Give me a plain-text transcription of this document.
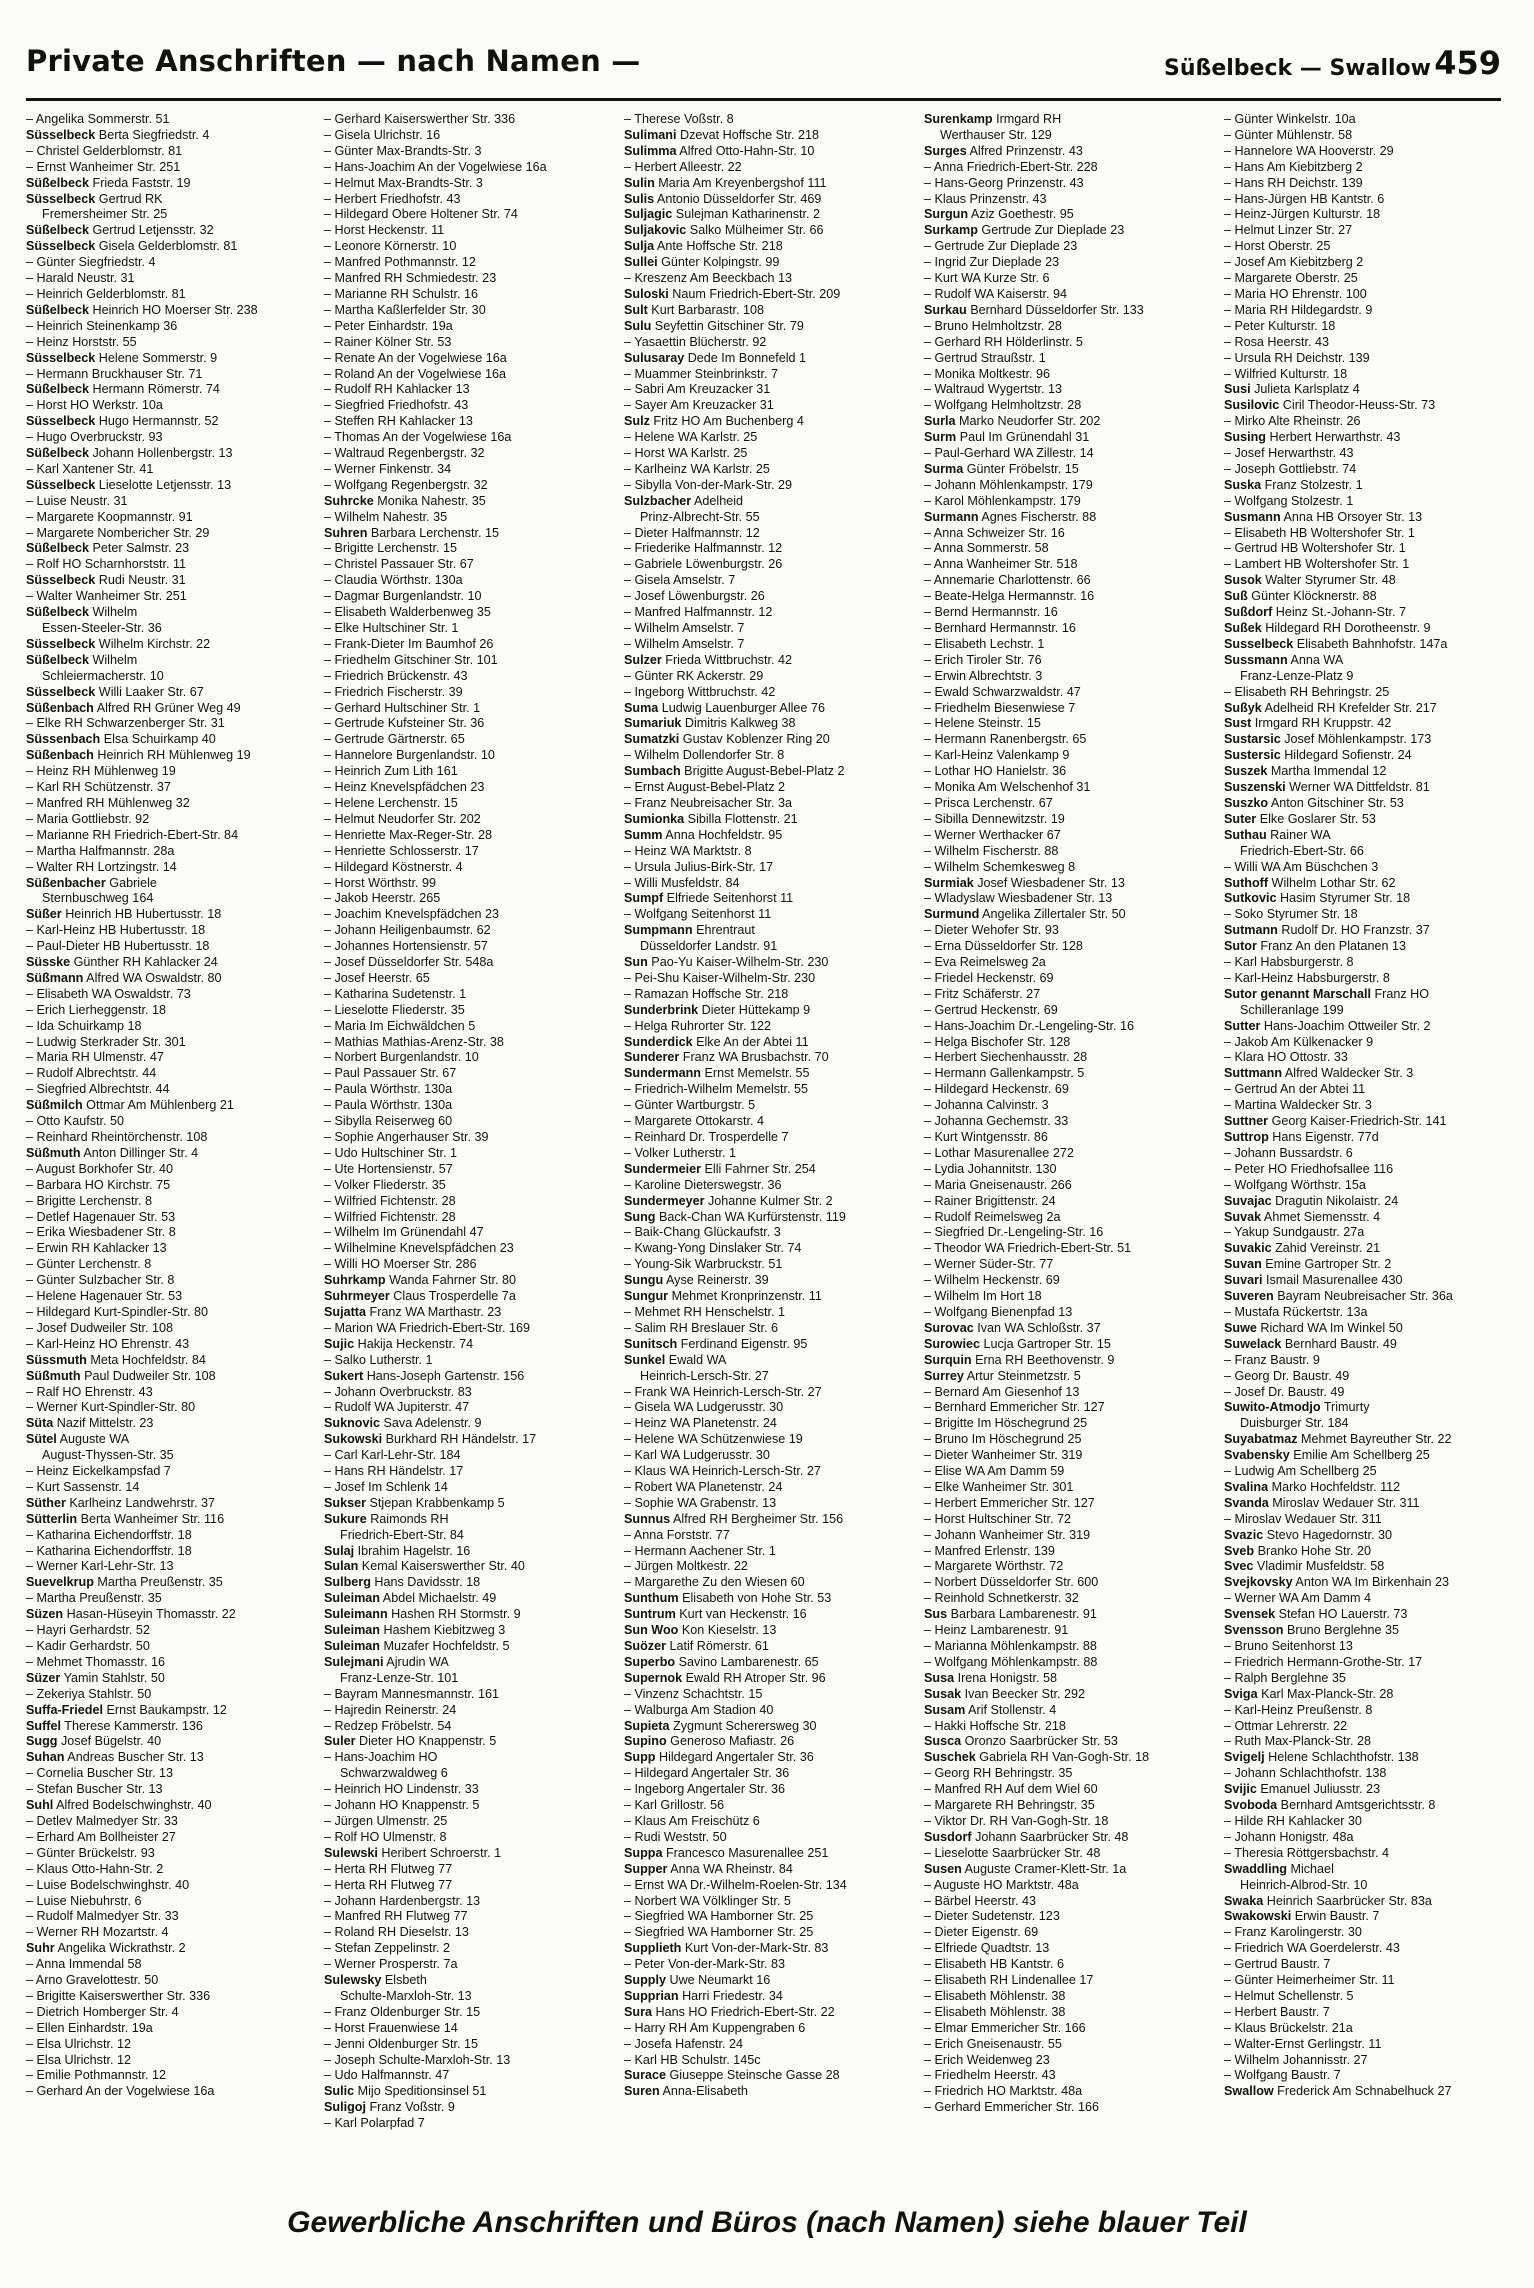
Private Anschriften — nach Namen —	Süßelbeck — Swallow 459
– Angelika Sommerstr. 51
Süsselbeck Berta Siegfriedstr. 4
– Christel Gelderblomstr. 81
– Ernst Wanheimer Str. 251
Süßelbeck Frieda Faststr. 19
Süsselbeck Gertrud RK
Fremersheimer Str. 25
Süßelbeck Gertrud Letjensstr. 32
Süsselbeck Gisela Gelderblomstr. 81
– Günter Siegfriedstr. 4
– Harald Neustr. 31
– Heinrich Gelderblomstr. 81
Süßelbeck Heinrich HO Moerser Str. 238
– Heinrich Steinenkamp 36
– Heinz Horststr. 55
Süsselbeck Helene Sommerstr. 9
– Hermann Bruckhauser Str. 71
Süßelbeck Hermann Römerstr. 74
– Horst HO Werkstr. 10a
Süsselbeck Hugo Hermannstr. 52
– Hugo Overbruckstr. 93
Süßelbeck Johann Hollenbergstr. 13
– Karl Xantener Str. 41
Süsselbeck Lieselotte Letjensstr. 13
– Luise Neustr. 31
– Margarete Koopmannstr. 91
– Margarete Nombericher Str. 29
Süßelbeck Peter Salmstr. 23
– Rolf HO Scharnhorststr. 11
Süsselbeck Rudi Neustr. 31
– Walter Wanheimer Str. 251
Süßelbeck Wilhelm
Essen-Steeler-Str. 36
Süsselbeck Wilhelm Kirchstr. 22
Süßelbeck Wilhelm
Schleiermacherstr. 10
Süsselbeck Willi Laaker Str. 67
Süßenbach Alfred RH Grüner Weg 49
– Elke RH Schwarzenberger Str. 31
Süssenbach Elsa Schuirkamp 40
Süßenbach Heinrich RH Mühlenweg 19
– Heinz RH Mühlenweg 19
– Karl RH Schützenstr. 37
– Manfred RH Mühlenweg 32
– Maria Gottliebstr. 92
– Marianne RH Friedrich-Ebert-Str. 84
– Martha Halfmannstr. 28a
– Walter RH Lortzingstr. 14
Süßenbacher Gabriele
Sternbuschweg 164
Süßer Heinrich HB Hubertusstr. 18
– Karl-Heinz HB Hubertusstr. 18
– Paul-Dieter HB Hubertusstr. 18
Süsske Günther RH Kahlacker 24
Süßmann Alfred WA Oswaldstr. 80
– Elisabeth WA Oswaldstr. 73
– Erich Lierheggenstr. 18
– Ida Schuirkamp 18
– Ludwig Sterkrader Str. 301
– Maria RH Ulmenstr. 47
– Rudolf Albrechtstr. 44
– Siegfried Albrechtstr. 44
Süßmilch Ottmar Am Mühlenberg 21
– Otto Kaufstr. 50
– Reinhard Rheintörchenstr. 108
Süßmuth Anton Dillinger Str. 4
– August Borkhofer Str. 40
– Barbara HO Kirchstr. 75
– Brigitte Lerchenstr. 8
– Detlef Hagenauer Str. 53
– Erika Wiesbadener Str. 8
– Erwin RH Kahlacker 13
– Günter Lerchenstr. 8
– Günter Sulzbacher Str. 8
– Helene Hagenauer Str. 53
– Hildegard Kurt-Spindler-Str. 80
– Josef Dudweiler Str. 108
– Karl-Heinz HO Ehrenstr. 43
Süssmuth Meta Hochfeldstr. 84
Süßmuth Paul Dudweiler Str. 108
– Ralf HO Ehrenstr. 43
– Werner Kurt-Spindler-Str. 80
Süta Nazif Mittelstr. 23
Sütel Auguste WA
August-Thyssen-Str. 35
– Heinz Eickelkampsfad 7
– Kurt Sassenstr. 14
Süther Karlheinz Landwehrstr. 37
Sütterlin Berta Wanheimer Str. 116
– Katharina Eichendorffstr. 18
– Katharina Eichendorffstr. 18
– Werner Karl-Lehr-Str. 13
Suevelkrup Martha Preußenstr. 35
– Martha Preußenstr. 35
Süzen Hasan-Hüseyin Thomasstr. 22
– Hayri Gerhardstr. 52
– Kadir Gerhardstr. 50
– Mehmet Thomasstr. 16
Süzer Yamin Stahlstr. 50
– Zekeriya Stahlstr. 50
Suffa-Friedel Ernst Baukampstr. 12
Suffel Therese Kammerstr. 136
Sugg Josef Bügelstr. 40
Suhan Andreas Buscher Str. 13
– Cornelia Buscher Str. 13
– Stefan Buscher Str. 13
Suhl Alfred Bodelschwinghstr. 40
– Detlev Malmedyer Str. 33
– Erhard Am Bollheister 27
– Günter Brückelstr. 93
– Klaus Otto-Hahn-Str. 2
– Luise Bodelschwinghstr. 40
– Luise Niebuhrstr. 6
– Rudolf Malmedyer Str. 33
– Werner RH Mozartstr. 4
Suhr Angelika Wickrathstr. 2
– Anna Immendal 58
– Arno Gravelottestr. 50
– Brigitte Kaiserswerther Str. 336
– Dietrich Homberger Str. 4
– Ellen Einhardstr. 19a
– Elsa Ulrichstr. 12
– Elsa Ulrichstr. 12
– Emilie Pothmannstr. 12
– Gerhard An der Vogelwiese 16a
– Gerhard Kaiserswerther Str. 336
– Gisela Ulrichstr. 16
– Günter Max-Brandts-Str. 3
– Hans-Joachim An der Vogelwiese 16a
– Helmut Max-Brandts-Str. 3
– Herbert Friedhofstr. 43
– Hildegard Obere Holtener Str. 74
– Horst Heckenstr. 11
– Leonore Körnerstr. 10
– Manfred Pothmannstr. 12
– Manfred RH Schmiedestr. 23
– Marianne RH Schulstr. 16
– Martha Kaßlerfelder Str. 30
– Peter Einhardstr. 19a
– Rainer Kölner Str. 53
– Renate An der Vogelwiese 16a
– Roland An der Vogelwiese 16a
– Rudolf RH Kahlacker 13
– Siegfried Friedhofstr. 43
– Steffen RH Kahlacker 13
– Thomas An der Vogelwiese 16a
– Waltraud Regenbergstr. 32
– Werner Finkenstr. 34
– Wolfgang Regenbergstr. 32
Suhrcke Monika Nahestr. 35
– Wilhelm Nahestr. 35
Suhren Barbara Lerchenstr. 15
– Brigitte Lerchenstr. 15
– Christel Passauer Str. 67
– Claudia Wörthstr. 130a
– Dagmar Burgenlandstr. 10
– Elisabeth Walderbenweg 35
– Elke Hultschiner Str. 1
– Frank-Dieter Im Baumhof 26
– Friedhelm Gitschiner Str. 101
– Friedrich Brückenstr. 43
– Friedrich Fischerstr. 39
– Gerhard Hultschiner Str. 1
– Gertrude Kufsteiner Str. 36
– Gertrude Gärtnerstr. 65
– Hannelore Burgenlandstr. 10
– Heinrich Zum Lith 161
– Heinz Knevelspfädchen 23
– Helene Lerchenstr. 15
– Helmut Neudorfer Str. 202
– Henriette Max-Reger-Str. 28
– Henriette Schlosserstr. 17
– Hildegard Köstnerstr. 4
– Horst Wörthstr. 99
– Jakob Heerstr. 265
– Joachim Knevelspfädchen 23
– Johann Heiligenbaumstr. 62
– Johannes Hortensienstr. 57
– Josef Düsseldorfer Str. 548a
– Josef Heerstr. 65
– Katharina Sudetenstr. 1
– Lieselotte Fliederstr. 35
– Maria Im Eichwäldchen 5
– Mathias Mathias-Arenz-Str. 38
– Norbert Burgenlandstr. 10
– Paul Passauer Str. 67
– Paula Wörthstr. 130a
– Paula Wörthstr. 130a
– Sibylla Reiserweg 60
– Sophie Angerhauser Str. 39
– Udo Hultschiner Str. 1
– Ute Hortensienstr. 57
– Volker Fliederstr. 35
– Wilfried Fichtenstr. 28
– Wilfried Fichtenstr. 28
– Wilhelm Im Grünendahl 47
– Wilhelmine Knevelspfädchen 23
– Willi HO Moerser Str. 286
Suhrkamp Wanda Fahrner Str. 80
Suhrmeyer Claus Trosperdelle 7a
Sujatta Franz WA Marthastr. 23
– Marion WA Friedrich-Ebert-Str. 169
Sujic Hakija Heckenstr. 74
– Salko Lutherstr. 1
Sukert Hans-Joseph Gartenstr. 156
– Johann Overbruckstr. 83
– Rudolf WA Jupiterstr. 47
Suknovic Sava Adelenstr. 9
Sukowski Burkhard RH Händelstr. 17
– Carl Karl-Lehr-Str. 184
– Hans RH Händelstr. 17
– Josef Im Schlenk 14
Sukser Stjepan Krabbenkamp 5
Sukure Raimonds RH
Friedrich-Ebert-Str. 84
Sulaj Ibrahim Hagelstr. 16
Sulan Kemal Kaiserswerther Str. 40
Sulberg Hans Davidsstr. 18
Suleiman Abdel Michaelstr. 49
Suleimann Hashen RH Stormstr. 9
Suleiman Hashem Kiebitzweg 3
Suleiman Muzafer Hochfeldstr. 5
Sulejmani Ajrudin WA
Franz-Lenze-Str. 101
– Bayram Mannesmannstr. 161
– Hajredin Reinerstr. 24
– Redzep Fröbelstr. 54
Suler Dieter HO Knappenstr. 5
– Hans-Joachim HO
Schwarzwaldweg 6
– Heinrich HO Lindenstr. 33
– Johann HO Knappenstr. 5
– Jürgen Ulmenstr. 25
– Rolf HO Ulmenstr. 8
Sulewski Heribert Schroerstr. 1
– Herta RH Flutweg 77
– Herta RH Flutweg 77
– Johann Hardenbergstr. 13
– Manfred RH Flutweg 77
– Roland RH Dieselstr. 13
– Stefan Zeppelinstr. 2
– Werner Prosperstr. 7a
Sulewsky Elsbeth
Schulte-Marxloh-Str. 13
– Franz Oldenburger Str. 15
– Horst Frauenwiese 14
– Jenni Oldenburger Str. 15
– Joseph Schulte-Marxloh-Str. 13
– Udo Halfmannstr. 47
Sulic Mijo Speditionsinsel 51
Suligoj Franz Voßstr. 9
– Karl Polarpfad 7
– Therese Voßstr. 8
Sulimani Dzevat Hoffsche Str. 218
Sulimma Alfred Otto-Hahn-Str. 10
– Herbert Alleestr. 22
Sulin Maria Am Kreyenbergshof 111
Sulis Antonio Düsseldorfer Str. 469
Suljagic Sulejman Katharinenstr. 2
Suljakovic Salko Mülheimer Str. 66
Sulja Ante Hoffsche Str. 218
Sullei Günter Kolpingstr. 99
– Kreszenz Am Beeckbach 13
Suloski Naum Friedrich-Ebert-Str. 209
Sult Kurt Barbarastr. 108
Sulu Seyfettin Gitschiner Str. 79
– Yasaettin Blücherstr. 92
Sulusaray Dede Im Bonnefeld 1
– Muammer Steinbrinkstr. 7
– Sabri Am Kreuzacker 31
– Sayer Am Kreuzacker 31
Sulz Fritz HO Am Buchenberg 4
– Helene WA Karlstr. 25
– Horst WA Karlstr. 25
– Karlheinz WA Karlstr. 25
– Sibylla Von-der-Mark-Str. 29
Sulzbacher Adelheid
Prinz-Albrecht-Str. 55
– Dieter Halfmannstr. 12
– Friederike Halfmannstr. 12
– Gabriele Löwenburgstr. 26
– Gisela Amselstr. 7
– Josef Löwenburgstr. 26
– Manfred Halfmannstr. 12
– Wilhelm Amselstr. 7
– Wilhelm Amselstr. 7
Sulzer Frieda Wittbruchstr. 42
– Günter RK Ackerstr. 29
– Ingeborg Wittbruchstr. 42
Suma Ludwig Lauenburger Allee 76
Sumariuk Dimitris Kalkweg 38
Sumatzki Gustav Koblenzer Ring 20
– Wilhelm Dollendorfer Str. 8
Sumbach Brigitte August-Bebel-Platz 2
– Ernst August-Bebel-Platz 2
– Franz Neubreisacher Str. 3a
Sumionka Sibilla Flottenstr. 21
Summ Anna Hochfeldstr. 95
– Heinz WA Marktstr. 8
– Ursula Julius-Birk-Str. 17
– Willi Musfeldstr. 84
Sumpf Elfriede Seitenhorst 11
– Wolfgang Seitenhorst 11
Sumpmann Ehrentraut
Düsseldorfer Landstr. 91
Sun Pao-Yu Kaiser-Wilhelm-Str. 230
– Pei-Shu Kaiser-Wilhelm-Str. 230
– Ramazan Hoffsche Str. 218
Sunderbrink Dieter Hüttekamp 9
– Helga Ruhrorter Str. 122
Sunderdick Elke An der Abtei 11
Sunderer Franz WA Brusbachstr. 70
Sundermann Ernst Memelstr. 55
– Friedrich-Wilhelm Memelstr. 55
– Günter Wartburgstr. 5
– Margarete Ottokarstr. 4
– Reinhard Dr. Trosperdelle 7
– Volker Lutherstr. 1
Sundermeier Elli Fahrner Str. 254
– Karoline Dieterswegstr. 36
Sundermeyer Johanne Kulmer Str. 2
Sung Back-Chan WA Kurfürstenstr. 119
– Baik-Chang Glückaufstr. 3
– Kwang-Yong Dinslaker Str. 74
– Young-Sik Warbruckstr. 51
Sungu Ayse Reinerstr. 39
Sungur Mehmet Kronprinzenstr. 11
– Mehmet RH Henschelstr. 1
– Salim RH Breslauer Str. 6
Sunitsch Ferdinand Eigenstr. 95
Sunkel Ewald WA
Heinrich-Lersch-Str. 27
– Frank WA Heinrich-Lersch-Str. 27
– Gisela WA Ludgerusstr. 30
– Heinz WA Planetenstr. 24
– Helene WA Schützenwiese 19
– Karl WA Ludgerusstr. 30
– Klaus WA Heinrich-Lersch-Str. 27
– Robert WA Planetenstr. 24
– Sophie WA Grabenstr. 13
Sunnus Alfred RH Bergheimer Str. 156
– Anna Forststr. 77
– Hermann Aachener Str. 1
– Jürgen Moltkestr. 22
– Margarethe Zu den Wiesen 60
Sunthum Elisabeth von Hohe Str. 53
Suntrum Kurt van Heckenstr. 16
Sun Woo Kon Kieselstr. 13
Suözer Latif Römerstr. 61
Superbo Savino Lambarenestr. 65
Supernok Ewald RH Atroper Str. 96
– Vinzenz Schachtstr. 15
– Walburga Am Stadion 40
Supieta Zygmunt Scherersweg 30
Supino Generoso Mafiastr. 26
Supp Hildegard Angertaler Str. 36
– Hildegard Angertaler Str. 36
– Ingeborg Angertaler Str. 36
– Karl Grillostr. 56
– Klaus Am Freischütz 6
– Rudi Weststr. 50
Suppa Francesco Masurenallee 251
Supper Anna WA Rheinstr. 84
– Ernst WA Dr.-Wilhelm-Roelen-Str. 134
– Norbert WA Völklinger Str. 5
– Siegfried WA Hamborner Str. 25
– Siegfried WA Hamborner Str. 25
Supplieth Kurt Von-der-Mark-Str. 83
– Peter Von-der-Mark-Str. 83
Supply Uwe Neumarkt 16
Supprian Harri Friedestr. 34
Sura Hans HO Friedrich-Ebert-Str. 22
– Harry RH Am Kuppengraben 6
– Josefa Hafenstr. 24
– Karl HB Schulstr. 145c
Surace Giuseppe Steinsche Gasse 28
Suren Anna-Elisabeth
Surenkamp Irmgard RH
Werthauser Str. 129
Surges Alfred Prinzenstr. 43
– Anna Friedrich-Ebert-Str. 228
– Hans-Georg Prinzenstr. 43
– Klaus Prinzenstr. 43
Surgun Aziz Goethestr. 95
Surkamp Gertrude Zur Dieplade 23
– Gertrude Zur Dieplade 23
– Ingrid Zur Dieplade 23
– Kurt WA Kurze Str. 6
– Rudolf WA Kaiserstr. 94
Surkau Bernhard Düsseldorfer Str. 133
– Bruno Helmholtzstr. 28
– Gerhard RH Hölderlinstr. 5
– Gertrud Straußstr. 1
– Monika Moltkestr. 96
– Waltraud Wygertstr. 13
– Wolfgang Helmholtzstr. 28
Surla Marko Neudorfer Str. 202
Surm Paul Im Grünendahl 31
– Paul-Gerhard WA Zillestr. 14
Surma Günter Fröbelstr. 15
– Johann Möhlenkampstr. 179
– Karol Möhlenkampstr. 179
Surmann Agnes Fischerstr. 88
– Anna Schweizer Str. 16
– Anna Sommerstr. 58
– Anna Wanheimer Str. 518
– Annemarie Charlottenstr. 66
– Beate-Helga Hermannstr. 16
– Bernd Hermannstr. 16
– Bernhard Hermannstr. 16
– Elisabeth Lechstr. 1
– Erich Tiroler Str. 76
– Erwin Albrechtstr. 3
– Ewald Schwarzwaldstr. 47
– Friedhelm Biesenwiese 7
– Helene Steinstr. 15
– Hermann Ranenbergstr. 65
– Karl-Heinz Valenkamp 9
– Lothar HO Hanielstr. 36
– Monika Am Welschenhof 31
– Prisca Lerchenstr. 67
– Sibilla Dennewitzstr. 19
– Werner Werthacker 67
– Wilhelm Fischerstr. 88
– Wilhelm Schemkesweg 8
Surmiak Josef Wiesbadener Str. 13
– Wladyslaw Wiesbadener Str. 13
Surmund Angelika Zillertaler Str. 50
– Dieter Wehofer Str. 93
– Erna Düsseldorfer Str. 128
– Eva Reimelsweg 2a
– Friedel Heckenstr. 69
– Fritz Schäferstr. 27
– Gertrud Heckenstr. 69
– Hans-Joachim Dr.-Lengeling-Str. 16
– Helga Bischofer Str. 128
– Herbert Siechenhausstr. 28
– Hermann Gallenkampstr. 5
– Hildegard Heckenstr. 69
– Johanna Calvinstr. 3
– Johanna Gechemstr. 33
– Kurt Wintgensstr. 86
– Lothar Masurenallee 272
– Lydia Johannitstr. 130
– Maria Gneisenaustr. 266
– Rainer Brigittenstr. 24
– Rudolf Reimelsweg 2a
– Siegfried Dr.-Lengeling-Str. 16
– Theodor WA Friedrich-Ebert-Str. 51
– Werner Süder-Str. 77
– Wilhelm Heckenstr. 69
– Wilhelm Im Hort 18
– Wolfgang Bienenpfad 13
Surovac Ivan WA Schloßstr. 37
Surowiec Lucja Gartroper Str. 15
Surquin Erna RH Beethovenstr. 9
Surrey Artur Steinmetzstr. 5
– Bernard Am Giesenhof 13
– Bernhard Emmericher Str. 127
– Brigitte Im Höschegrund 25
– Bruno Im Höschegrund 25
– Dieter Wanheimer Str. 319
– Elise WA Am Damm 59
– Elke Wanheimer Str. 301
– Herbert Emmericher Str. 127
– Horst Hultschiner Str. 72
– Johann Wanheimer Str. 319
– Manfred Erlenstr. 139
– Margarete Wörthstr. 72
– Norbert Düsseldorfer Str. 600
– Reinhold Schnetkerstr. 32
Sus Barbara Lambarenestr. 91
– Heinz Lambarenestr. 91
– Marianna Möhlenkampstr. 88
– Wolfgang Möhlenkampstr. 88
Susa Irena Honigstr. 58
Susak Ivan Beecker Str. 292
Susam Arif Stollenstr. 4
– Hakki Hoffsche Str. 218
Susca Oronzo Saarbrücker Str. 53
Suschek Gabriela RH Van-Gogh-Str. 18
– Georg RH Behringstr. 35
– Manfred RH Auf dem Wiel 60
– Margarete RH Behringstr. 35
– Viktor Dr. RH Van-Gogh-Str. 18
Susdorf Johann Saarbrücker Str. 48
– Lieselotte Saarbrücker Str. 48
Susen Auguste Cramer-Klett-Str. 1a
– Auguste HO Marktstr. 48a
– Bärbel Heerstr. 43
– Dieter Sudetenstr. 123
– Dieter Eigenstr. 69
– Elfriede Quadtstr. 13
– Elisabeth HB Kantstr. 6
– Elisabeth RH Lindenallee 17
– Elisabeth Möhlenstr. 38
– Elisabeth Möhlenstr. 38
– Elmar Emmericher Str. 166
– Erich Gneisenaustr. 55
– Erich Weidenweg 23
– Friedhelm Heerstr. 43
– Friedrich HO Marktstr. 48a
– Gerhard Emmericher Str. 166
– Günter Winkelstr. 10a
– Günter Mühlenstr. 58
– Hannelore WA Hooverstr. 29
– Hans Am Kiebitzberg 2
– Hans RH Deichstr. 139
– Hans-Jürgen HB Kantstr. 6
– Heinz-Jürgen Kulturstr. 18
– Helmut Linzer Str. 27
– Horst Oberstr. 25
– Josef Am Kiebitzberg 2
– Margarete Oberstr. 25
– Maria HO Ehrenstr. 100
– Maria RH Hildegardstr. 9
– Peter Kulturstr. 18
– Rosa Heerstr. 43
– Ursula RH Deichstr. 139
– Wilfried Kulturstr. 18
Susi Julieta Karlsplatz 4
Susilovic Ciril Theodor-Heuss-Str. 73
– Mirko Alte Rheinstr. 26
Susing Herbert Herwarthstr. 43
– Josef Herwarthstr. 43
– Joseph Gottliebstr. 74
Suska Franz Stolzestr. 1
– Wolfgang Stolzestr. 1
Susmann Anna HB Orsoyer Str. 13
– Elisabeth HB Woltershofer Str. 1
– Gertrud HB Woltershofer Str. 1
– Lambert HB Woltershofer Str. 1
Susok Walter Styrumer Str. 48
Suß Günter Klöcknerstr. 88
Sußdorf Heinz St.-Johann-Str. 7
Sußek Hildegard RH Dorotheenstr. 9
Susselbeck Elisabeth Bahnhofstr. 147a
Sussmann Anna WA
Franz-Lenze-Platz 9
– Elisabeth RH Behringstr. 25
Sußyk Adelheid RH Krefelder Str. 217
Sust Irmgard RH Kruppstr. 42
Sustarsic Josef Möhlenkampstr. 173
Sustersic Hildegard Sofienstr. 24
Suszek Martha Immendal 12
Suszenski Werner WA Dittfeldstr. 81
Suszko Anton Gitschiner Str. 53
Suter Elke Goslarer Str. 53
Suthau Rainer WA
Friedrich-Ebert-Str. 66
– Willi WA Am Büschchen 3
Suthoff Wilhelm Lothar Str. 62
Sutkovic Hasim Styrumer Str. 18
– Soko Styrumer Str. 18
Sutmann Rudolf Dr. HO Franzstr. 37
Sutor Franz An den Platanen 13
– Karl Habsburgerstr. 8
– Karl-Heinz Habsburgerstr. 8
Sutor genannt Marschall Franz HO
Schilleranlage 199
Sutter Hans-Joachim Ottweiler Str. 2
– Jakob Am Külkenacker 9
– Klara HO Ottostr. 33
Suttmann Alfred Waldecker Str. 3
– Gertrud An der Abtei 11
– Martina Waldecker Str. 3
Suttner Georg Kaiser-Friedrich-Str. 141
Suttrop Hans Eigenstr. 77d
– Johann Bussardstr. 6
– Peter HO Friedhofsallee 116
– Wolfgang Wörthstr. 15a
Suvajac Dragutin Nikolaistr. 24
Suvak Ahmet Siemensstr. 4
– Yakup Sundgaustr. 27a
Suvakic Zahid Vereinstr. 21
Suvan Emine Gartroper Str. 2
Suvari Ismail Masurenallee 430
Suveren Bayram Neubreisacher Str. 36a
– Mustafa Rückertstr. 13a
Suwe Richard WA Im Winkel 50
Suwelack Bernhard Baustr. 49
– Franz Baustr. 9
– Georg Dr. Baustr. 49
– Josef Dr. Baustr. 49
Suwito-Atmodjo Trimurty
Duisburger Str. 184
Suyabatmaz Mehmet Bayreuther Str. 22
Svabensky Emilie Am Schellberg 25
– Ludwig Am Schellberg 25
Svalina Marko Hochfeldstr. 112
Svanda Miroslav Wedauer Str. 311
– Miroslav Wedauer Str. 311
Svazic Stevo Hagedornstr. 30
Sveb Branko Hohe Str. 20
Svec Vladimir Musfeldstr. 58
Svejkovsky Anton WA Im Birkenhain 23
– Werner WA Am Damm 4
Svensek Stefan HO Lauerstr. 73
Svensson Bruno Berglehne 35
– Bruno Seitenhorst 13
– Friedrich Hermann-Grothe-Str. 17
– Ralph Berglehne 35
Sviga Karl Max-Planck-Str. 28
– Karl-Heinz Preußenstr. 8
– Ottmar Lehrerstr. 22
– Ruth Max-Planck-Str. 28
Svigelj Helene Schlachthofstr. 138
– Johann Schlachthofstr. 138
Svijic Emanuel Juliusstr. 23
Svoboda Bernhard Amtsgerichtsstr. 8
– Hilde RH Kahlacker 30
– Johann Honigstr. 48a
– Theresia Röttgersbachstr. 4
Swaddling Michael
Heinrich-Albrod-Str. 10
Swaka Heinrich Saarbrücker Str. 83a
Swakowski Erwin Baustr. 7
– Franz Karolingerstr. 30
– Friedrich WA Goerdelerstr. 43
– Gertrud Baustr. 7
– Günter Heimerheimer Str. 11
– Helmut Schellenstr. 5
– Herbert Baustr. 7
– Klaus Brückelstr. 21a
– Walter-Ernst Gerlingstr. 11
– Wilhelm Johannisstr. 27
– Wolfgang Baustr. 7
Swallow Frederick Am Schnabelhuck 27
Gewerbliche Anschriften und Büros (nach Namen) siehe blauer Teil
